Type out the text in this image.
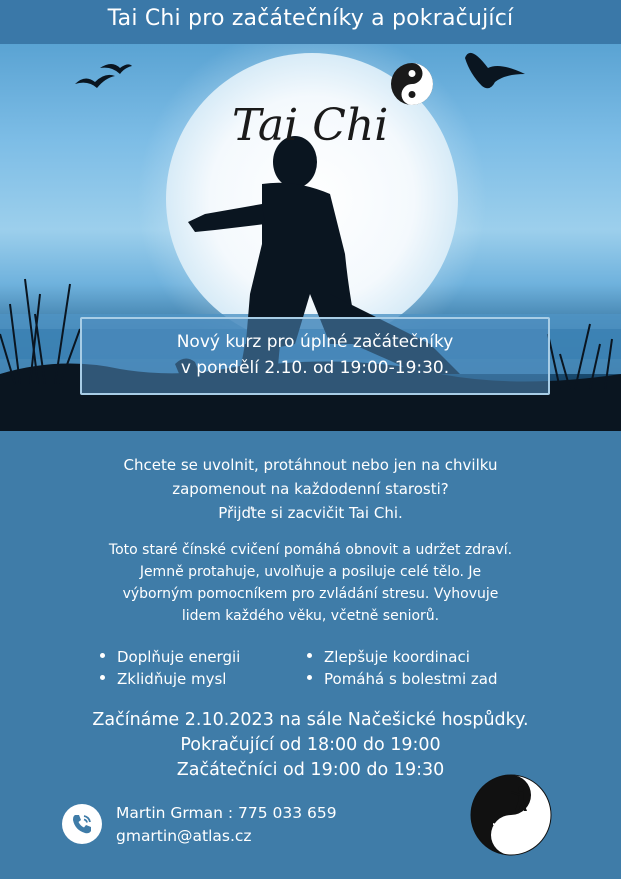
Tai Chi pro začátečníky a pokračující
Tai Chi
Nový kurz pro úplné začátečníky
v pondělí 2.10. od 19:00-19:30.
Chcete se uvolnit, protáhnout nebo jen na chvilku
zapomenout na každodenní starosti?
Přijďte si zacvičit Tai Chi.
Toto staré čínské cvičení pomáhá obnovit a udržet zdraví.
Jemně protahuje, uvolňuje a posiluje celé tělo. Je
výborným pomocníkem pro zvládání stresu. Vyhovuje
lidem každého věku, včetně seniorů.
Doplňuje energii
Zklidňuje mysl
Zlepšuje koordinaci
Pomáhá s bolestmi zad
Začínáme 2.10.2023 na sále Načešické hospůdky.
Pokračující od 18:00 do 19:00
Začátečníci od 19:00 do 19:30
Martin Grman : 775 033 659
gmartin@atlas.cz
